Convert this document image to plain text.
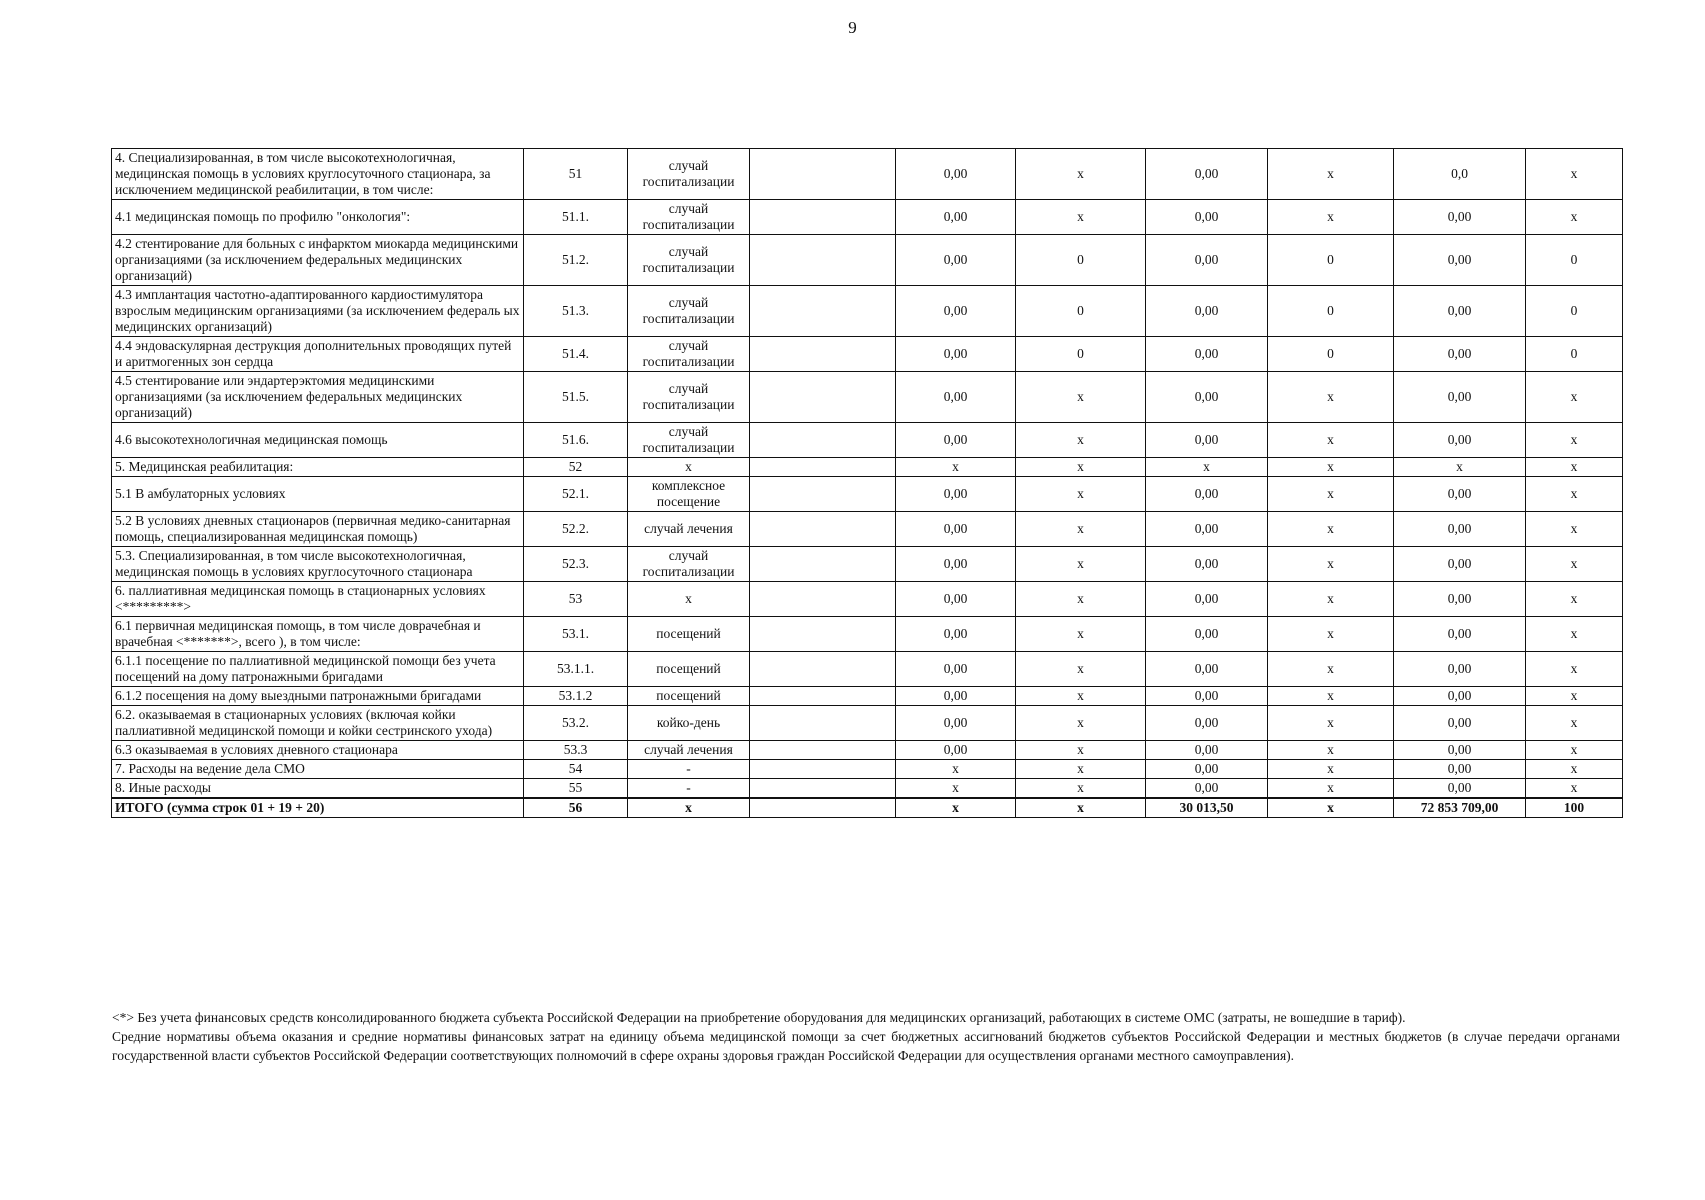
9
4. Специализированная, в том числе высокотехнологичная, медицинская помощь в условиях круглосуточного стационара, за исключением медицинской реабилитации, в том числе:	51	случай госпитализации		0,00	x	0,00	x	0,0	x
4.1 медицинская помощь по профилю "онкология":	51.1.	случай госпитализации		0,00	x	0,00	x	0,00	x
4.2 стентирование для больных с инфарктом миокарда медицинскими организациями (за исключением федеральных медицинских организаций)	51.2.	случай госпитализации		0,00	0	0,00	0	0,00	0
4.3 имплантация частотно-адаптированного кардиостимулятора взрослым медицинским организациями (за исключением федераль ых медицинских организаций)	51.3.	случай госпитализации		0,00	0	0,00	0	0,00	0
4.4 эндоваскулярная деструкция дополнительных проводящих путей и аритмогенных зон сердца	51.4.	случай госпитализации		0,00	0	0,00	0	0,00	0
4.5 стентирование или эндартерэктомия медицинскими организациями (за исключением федеральных медицинских организаций)	51.5.	случай госпитализации		0,00	x	0,00	x	0,00	x
4.6 высокотехнологичная медицинская помощь	51.6.	случай госпитализации		0,00	x	0,00	x	0,00	x
5. Медицинская реабилитация:	52	x		x	x	x	x	x	x
5.1 В амбулаторных условиях	52.1.	комплексное посещение		0,00	x	0,00	x	0,00	x
5.2 В условиях дневных стационаров (первичная медико-санитарная помощь, специализированная медицинская помощь)	52.2.	случай лечения		0,00	x	0,00	x	0,00	x
5.3. Специализированная, в том числе высокотехнологичная, медицинская помощь в условиях круглосуточного стационара	52.3.	случай госпитализации		0,00	x	0,00	x	0,00	x
6. паллиативная медицинская помощь в стационарных условиях <*********>	53	x		0,00	x	0,00	x	0,00	x
6.1 первичная медицинская помощь, в том числе доврачебная и врачебная <*******>, всего ), в том числе:	53.1.	посещений		0,00	x	0,00	x	0,00	x
6.1.1 посещение по паллиативной медицинской помощи без учета посещений на дому патронажными бригадами	53.1.1.	посещений		0,00	x	0,00	x	0,00	x
6.1.2 посещения на дому выездными патронажными бригадами	53.1.2	посещений		0,00	x	0,00	x	0,00	x
6.2. оказываемая в стационарных условиях (включая койки паллиативной медицинской помощи и койки сестринского ухода)	53.2.	койко-день		0,00	x	0,00	x	0,00	x
6.3 оказываемая в условиях дневного стационара	53.3	случай лечения		0,00	x	0,00	x	0,00	x
7. Расходы на ведение дела СМО	54	-		x	x	0,00	x	0,00	x
8. Иные расходы	55	-		x	x	0,00	x	0,00	x
ИТОГО (сумма строк 01 + 19 + 20)	56	x		x	x	30 013,50	x	72 853 709,00	100

<*> Без учета финансовых средств консолидированного бюджета субъекта Российской Федерации на приобретение оборудования для медицинских организаций, работающих в системе ОМС (затраты, не вошедшие в тариф).

Средние нормативы объема оказания и средние нормативы финансовых затрат на единицу объема медицинской помощи за счет бюджетных ассигнований бюджетов субъектов Российской Федерации и местных бюджетов (в случае передачи органами государственной власти субъектов Российской Федерации соответствующих полномочий в сфере охраны здоровья граждан Российской Федерации для осуществления органами местного самоуправления).
